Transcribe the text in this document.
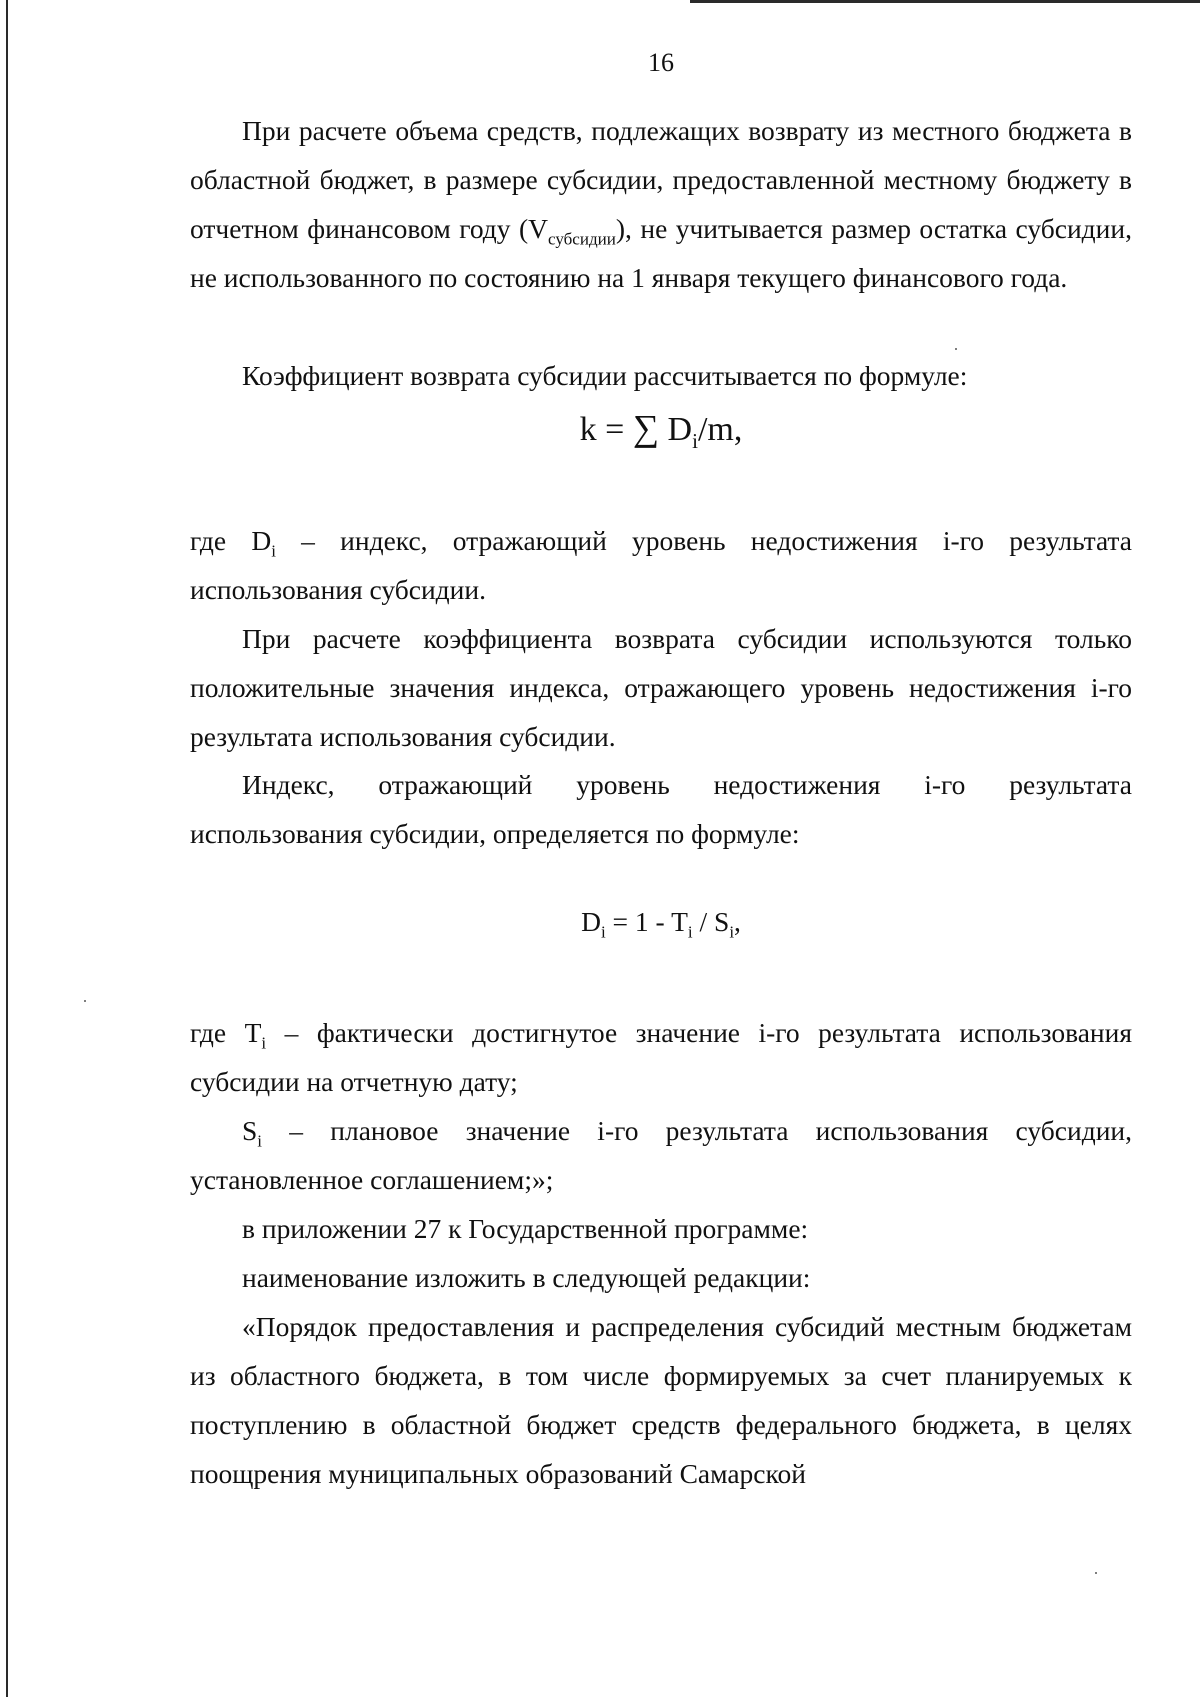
16

При расчете объема средств, подлежащих возврату из местного бюджета в областной бюджет, в размере субсидии, предоставленной местному бюджету в отчетном финансовом году $(V_{субсидии})$, не учитывается размер остатка субсидии, не использованного по состоянию на 1 января текущего финансового года.

Коэффициент возврата субсидии рассчитывается по формуле:

k = ∑ $D_i/m$,

где $D_i$ – индекс, отражающий уровень недостижения i-го результата использования субсидии.

При расчете коэффициента возврата субсидии используются только положительные значения индекса, отражающего уровень недостижения i-го результата использования субсидии.

Индекс, отражающий уровень недостижения i-го результата
использования субсидии, определяется по формуле:

$D_i = 1 - T_i / S_i$,

где $T_i$ – фактически достигнутое значение i-го результата использования субсидии на отчетную дату;

$S_i$ – плановое значение i-го результата использования субсидии, установленное соглашением;»;

в приложении 27 к Государственной программе:

наименование изложить в следующей редакции:

«Порядок предоставления и распределения субсидий местным бюджетам из областного бюджета, в том числе формируемых за счет планируемых к поступлению в областной бюджет средств федерального бюджета, в целях поощрения муниципальных образований Самарской
